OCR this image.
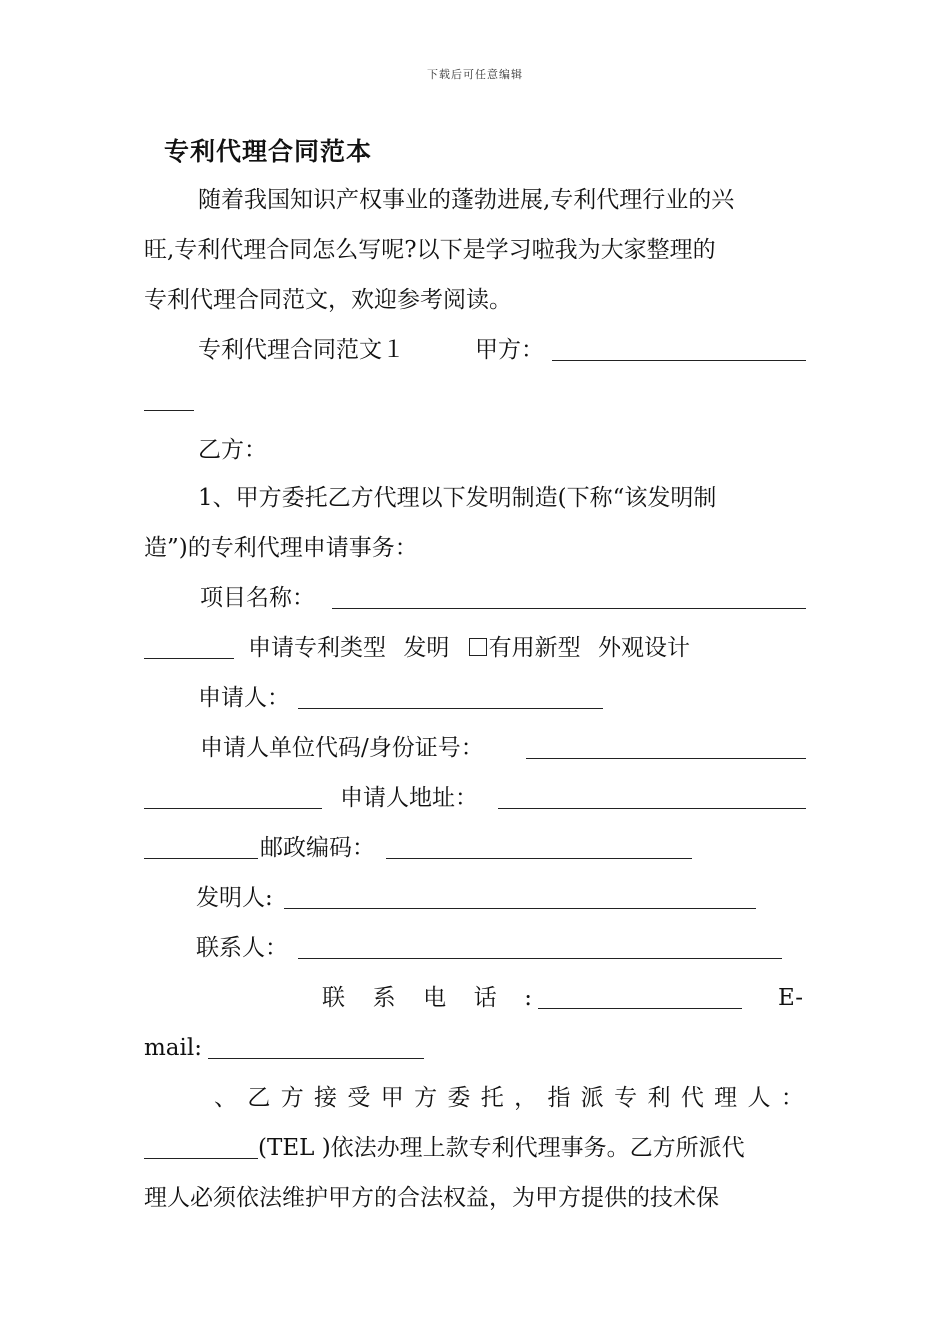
下载后可任意编辑
专利代理合同范本
随着我国知识产权事业的蓬勃进展,专利代理行业的兴
旺,专利代理合同怎么写呢?以下是学习啦我为大家整理的
专利代理合同范文，欢迎参考阅读。
专利代理合同范文１	甲方：
乙方：
1、甲方委托乙方代理以下发明制造(下称“该发明制
造”)的专利代理申请事务：
项目名称：
申请专利类型 发明 有用新型 外观设计
申请人：
申请人单位代码/身份证号：
申请人地址：
邮政编码：
发明人:
联系人：
联 系 电 话 :	E-
mail:
、 乙 方 接 受 甲 方 委 托 ， 指 派 专 利 代 理 人 ：
(TEL )依法办理上款专利代理事务。乙方所派代
理人必须依法维护甲方的合法权益，为甲方提供的技术保
